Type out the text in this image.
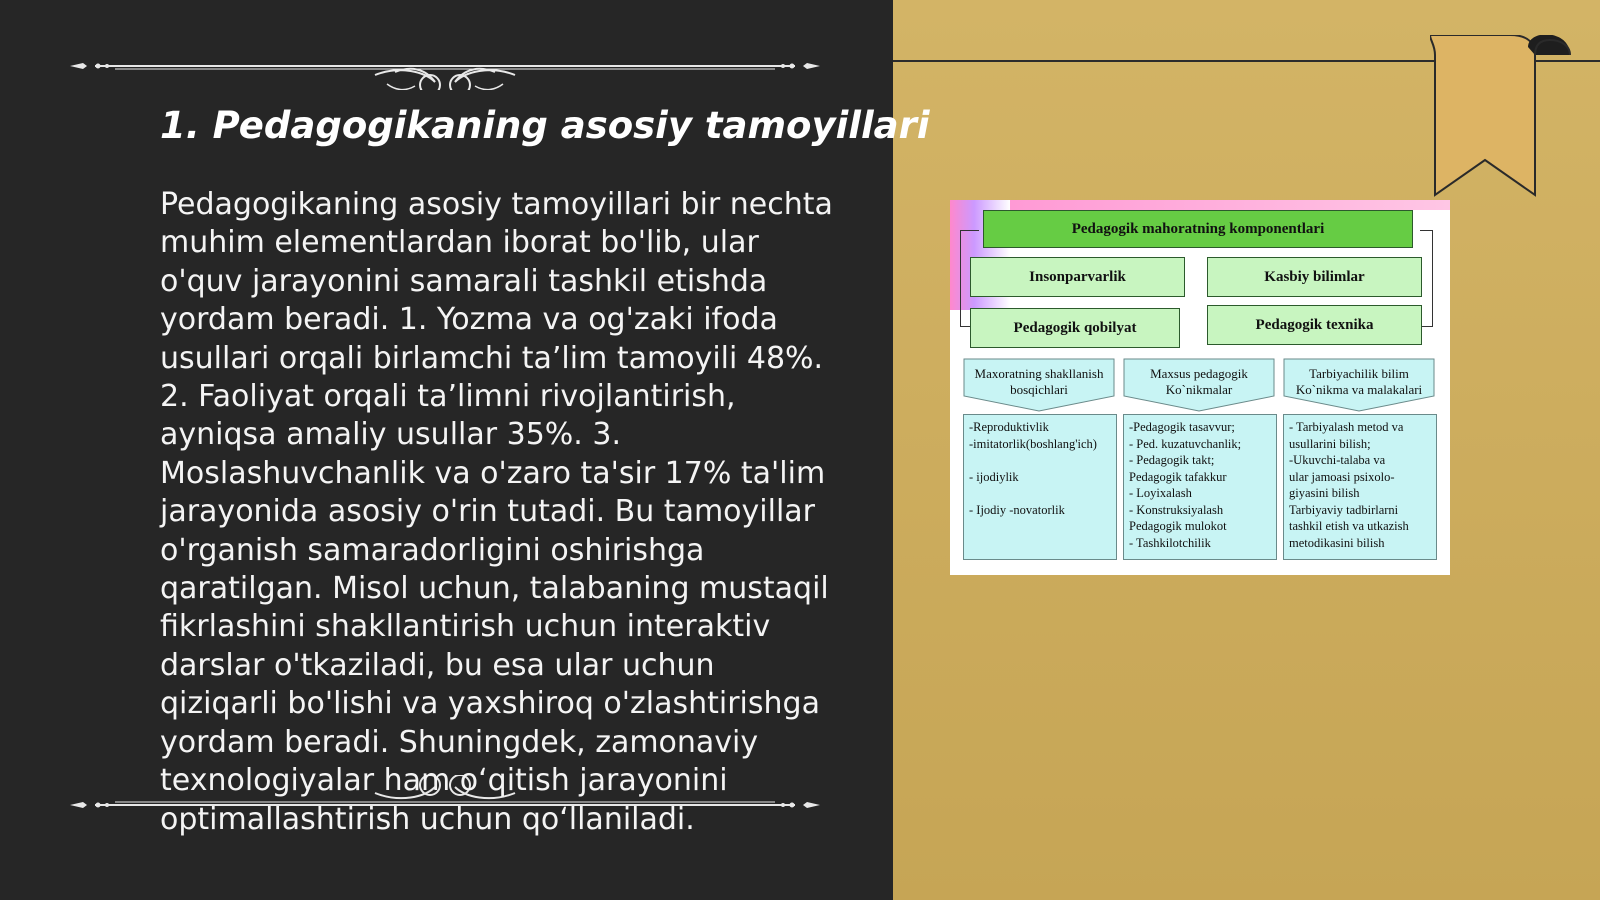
1. Pedagogikaning asosiy tamoyillari

Pedagogikaning asosiy tamoyillari bir nechta muhim elementlardan iborat bo'lib, ular o'quv jarayonini samarali tashkil etishda yordam beradi. 1. Yozma va og'zaki ifoda usullari orqali birlamchi ta’lim tamoyili 48%. 2. Faoliyat orqali ta’limni rivojlantirish, ayniqsa amaliy usullar 35%. 3. Moslashuvchanlik va o'zaro ta'sir 17% ta'lim jarayonida asosiy o'rin tutadi. Bu tamoyillar o'rganish samaradorligini oshirishga qaratilgan. Misol uchun, talabaning mustaqil fikrlashini shakllantirish uchun interaktiv darslar o'tkaziladi, bu esa ular uchun qiziqarli bo'lishi va yaxshiroq o'zlashtirishga yordam beradi. Shuningdek, zamonaviy texnologiyalar ham o‘qitish jarayonini optimallashtirish uchun qo‘llaniladi.

Pedagogik mahoratning komponentlari
Insonparvarlik	Kasbiy bilimlar
Pedagogik qobilyat	Pedagogik texnika
Maxoratning shakllanish
bosqichlari
Maxsus pedagogik
Ko`nikmalar
Tarbiyachilik bilim
Ko`nikma va malakalari
-Reproduktivlik
-imitatorlik(boshlang'ich)

- ijodiylik

- Ijodiy -novatorlik
-Pedagogik tasavvur;
- Ped. kuzatuvchanlik;
- Pedagogik takt;
Pedagogik tafakkur
- Loyixalash
- Konstruksiyalash
Pedagogik mulokot
- Tashkilotchilik
- Tarbiyalash metod va
usullarini bilish;
-Ukuvchi-talaba va
ular jamoasi psixolo-
giyasini bilish
Tarbiyaviy tadbirlarni
tashkil etish va utkazish
metodikasini bilish
